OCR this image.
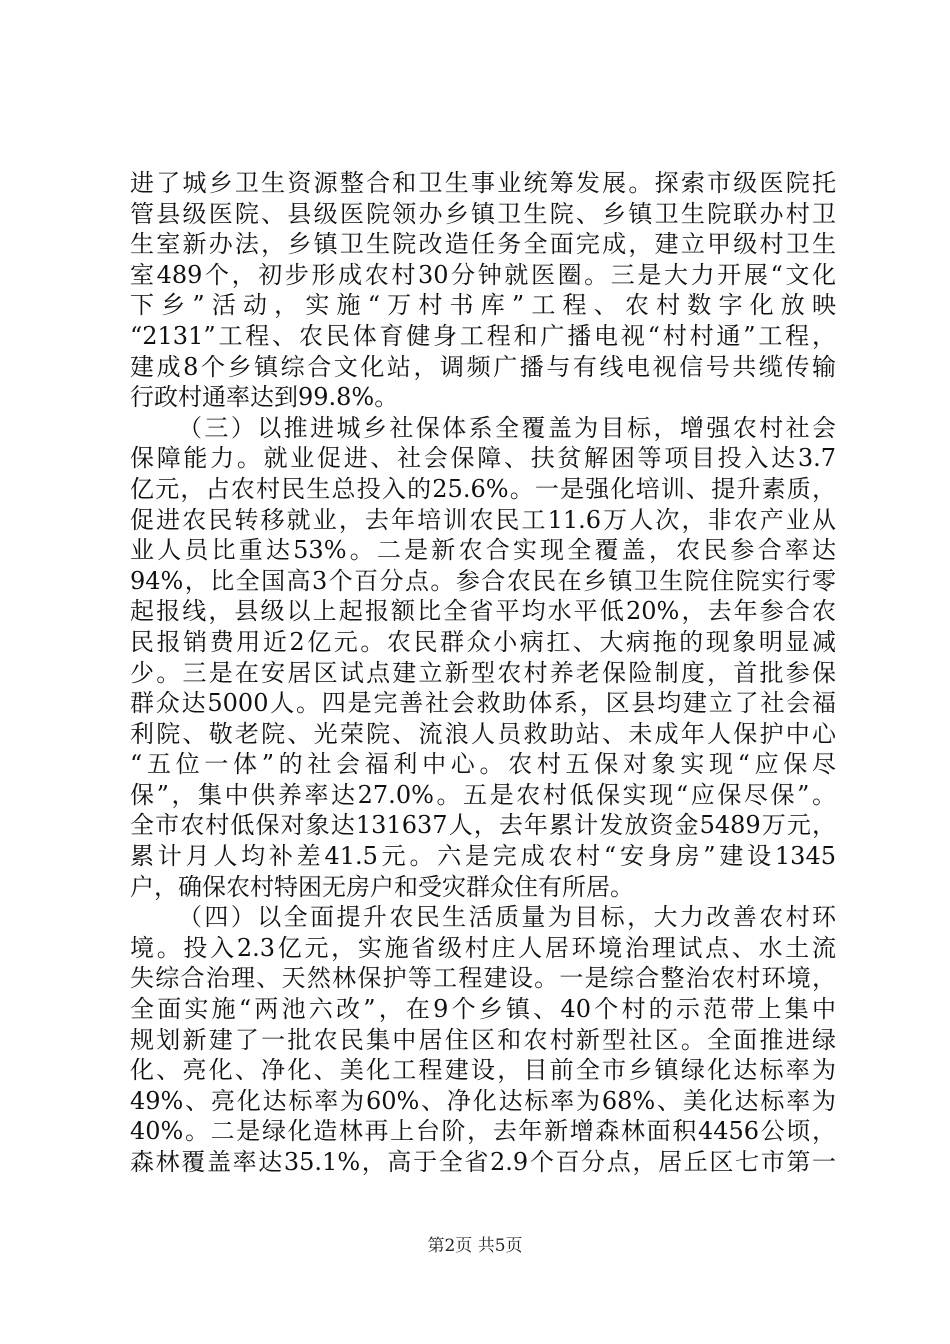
进了城乡卫生资源整合和卫生事业统筹发展。探索市级医院托
管县级医院、县级医院领办乡镇卫生院、乡镇卫生院联办村卫
生室新办法，乡镇卫生院改造任务全面完成，建立甲级村卫生
室489个，初步形成农村30分钟就医圈。三是大力开展“文化
下乡”活动，实施“万村书库”工程、农村数字化放映
“2131”工程、农民体育健身工程和广播电视“村村通”工程，
建成8个乡镇综合文化站，调频广播与有线电视信号共缆传输
行政村通率达到99.8%。
（三）以推进城乡社保体系全覆盖为目标，增强农村社会
保障能力。就业促进、社会保障、扶贫解困等项目投入达3.7
亿元，占农村民生总投入的25.6%。一是强化培训、提升素质，
促进农民转移就业，去年培训农民工11.6万人次，非农产业从
业人员比重达53%。二是新农合实现全覆盖，农民参合率达
94%，比全国高3个百分点。参合农民在乡镇卫生院住院实行零
起报线，县级以上起报额比全省平均水平低20%，去年参合农
民报销费用近2亿元。农民群众小病扛、大病拖的现象明显减
少。三是在安居区试点建立新型农村养老保险制度，首批参保
群众达5000人。四是完善社会救助体系，区县均建立了社会福
利院、敬老院、光荣院、流浪人员救助站、未成年人保护中心
“五位一体”的社会福利中心。农村五保对象实现“应保尽
保”，集中供养率达27.0%。五是农村低保实现“应保尽保”。
全市农村低保对象达131637人，去年累计发放资金5489万元，
累计月人均补差41.5元。六是完成农村“安身房”建设1345
户，确保农村特困无房户和受灾群众住有所居。
（四）以全面提升农民生活质量为目标，大力改善农村环
境。投入2.3亿元，实施省级村庄人居环境治理试点、水土流
失综合治理、天然林保护等工程建设。一是综合整治农村环境，
全面实施“两池六改”，在9个乡镇、40个村的示范带上集中
规划新建了一批农民集中居住区和农村新型社区。全面推进绿
化、亮化、净化、美化工程建设，目前全市乡镇绿化达标率为
49%、亮化达标率为60%、净化达标率为68%、美化达标率为
40%。二是绿化造林再上台阶，去年新增森林面积4456公顷，
森林覆盖率达35.1%，高于全省2.9个百分点，居丘区七市第一
第2页 共5页
